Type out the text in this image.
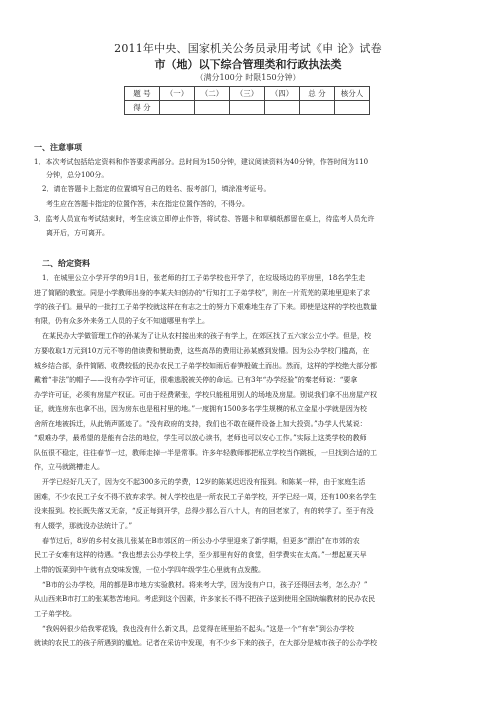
2011年中央、国家机关公务员录用考试《申 论》试卷
市（地）以下综合管理类和行政执法类
（满分100分 时限150分钟）
题 号	（一）	（二）	（三）	（四）	总 分	核分人
得 分						
一、注意事项
1．本次考试包括给定资料和作答要求两部分。总时间为150分钟，建议阅读资料为40分钟，作答时间为110
分钟，总分100分。
2．请在答题卡上指定的位置填写自己的姓名、报考部门，填涂准考证号。
考生应在答题卡指定的位置作答，未在指定位置作答的，不得分。
3．监考人员宣布考试结束时，考生应该立即停止作答，将试卷、答题卡和草稿纸都留在桌上，待监考人员允许
离开后，方可离开。
二、给定资料
1．在城里公立小学开学的9月1日，张老师的打工子弟学校也开学了，在垃圾场边的平房里，18名学生走
进了简陋的教室。同是小学教师出身的李某夫妇创办的“行知打工子弟学校”，则在一片荒芜的菜地里迎来了求
学的孩子们。最早的一批打工子弟学校就这样在有志之士的努力下艰难地生存了下来。即使是这样的学校也数量
有限，仍有众多外来务工人员的子女不知道哪里有学上。
在某民办大学做管理工作的孙某为了让从农村接出来的孩子有学上，在郊区找了五六家公立小学。但是，校
方要收取1万元到10万元不等的借读费和赞助费，这些高昂的费用让孙某感到发懵。因为公办学校门槛高，在
城乡结合部，条件简陋、收费较低的民办农民工子弟学校如雨后春笋般破土而出。然而，这样的学校绝大部分都
戴着“非法”的帽子——没有办学许可证，很难逃脱被关停的命运。已有3年“办学经验”的秦老师说：“要拿
办学许可证，必须有房屋产权证。可由于经费紧张，学校只能租用别人的场地及房屋。别说我们拿不出房屋产权
证，就连房东也拿不出，因为房东也是租村里的地。”一度拥有1500多名学生规模的私立金星小学就是因为校
舍所在地被拆迁，从此销声匿迹了。“没有政府的支持，我们也不敢在硬件设备上加大投资。”办学人代某说：
“艰难办学，最希望的是能有合法的地位，学生可以放心读书，老师也可以安心工作。”实际上这类学校的教师
队伍很不稳定，往往春节一过，教师走掉一半是常事。许多年轻教师都把私立学校当作跳板，一旦找到合适的工
作，立马就跳槽走人。
开学已经好几天了，因为交不起300多元的学费，12岁的陈某迟迟没有报到。和陈某一样，由于家庭生活
困难，不少农民工子女不得不放弃求学。树人学校也是一所农民工子弟学校，开学已经一周，还有100来名学生
没来报到。校长既失落又无奈，“反正每到开学，总得少那么百八十人，有的回老家了，有的转学了。至于有没
有人辍学，那就没办法统计了。”
春节过后，8岁的乡村女孩儿张某在B市郊区的一所公办小学里迎来了新学期，但更多“漂泊”在市郊的农
民工子女难有这样的待遇。“我也想去公办学校上学，至少那里有好的食堂，但学费实在太高。”一想起夏天早
上带的饭菜到中午就有点变味发馊，一位小学四年级学生心里就有点发酸。
“B市的公办学校，用的都是B市地方实验教材。将来考大学，因为没有户口，孩子还得回去考，怎么办？”
从山西来B市打工的张某愁苦地问。考虑到这个因素，许多家长不得不把孩子送到使用全国统编教材的民办农民
工子弟学校。
“我妈妈很少给我零花钱，我也没有什么新文具，总觉得在班里抬不起头。”这是一个“有幸”到公办学校
就读的农民工的孩子所遇到的尴尬。记者在采访中发现，有不少乡下来的孩子，在大部分是城市孩子的公办学校
